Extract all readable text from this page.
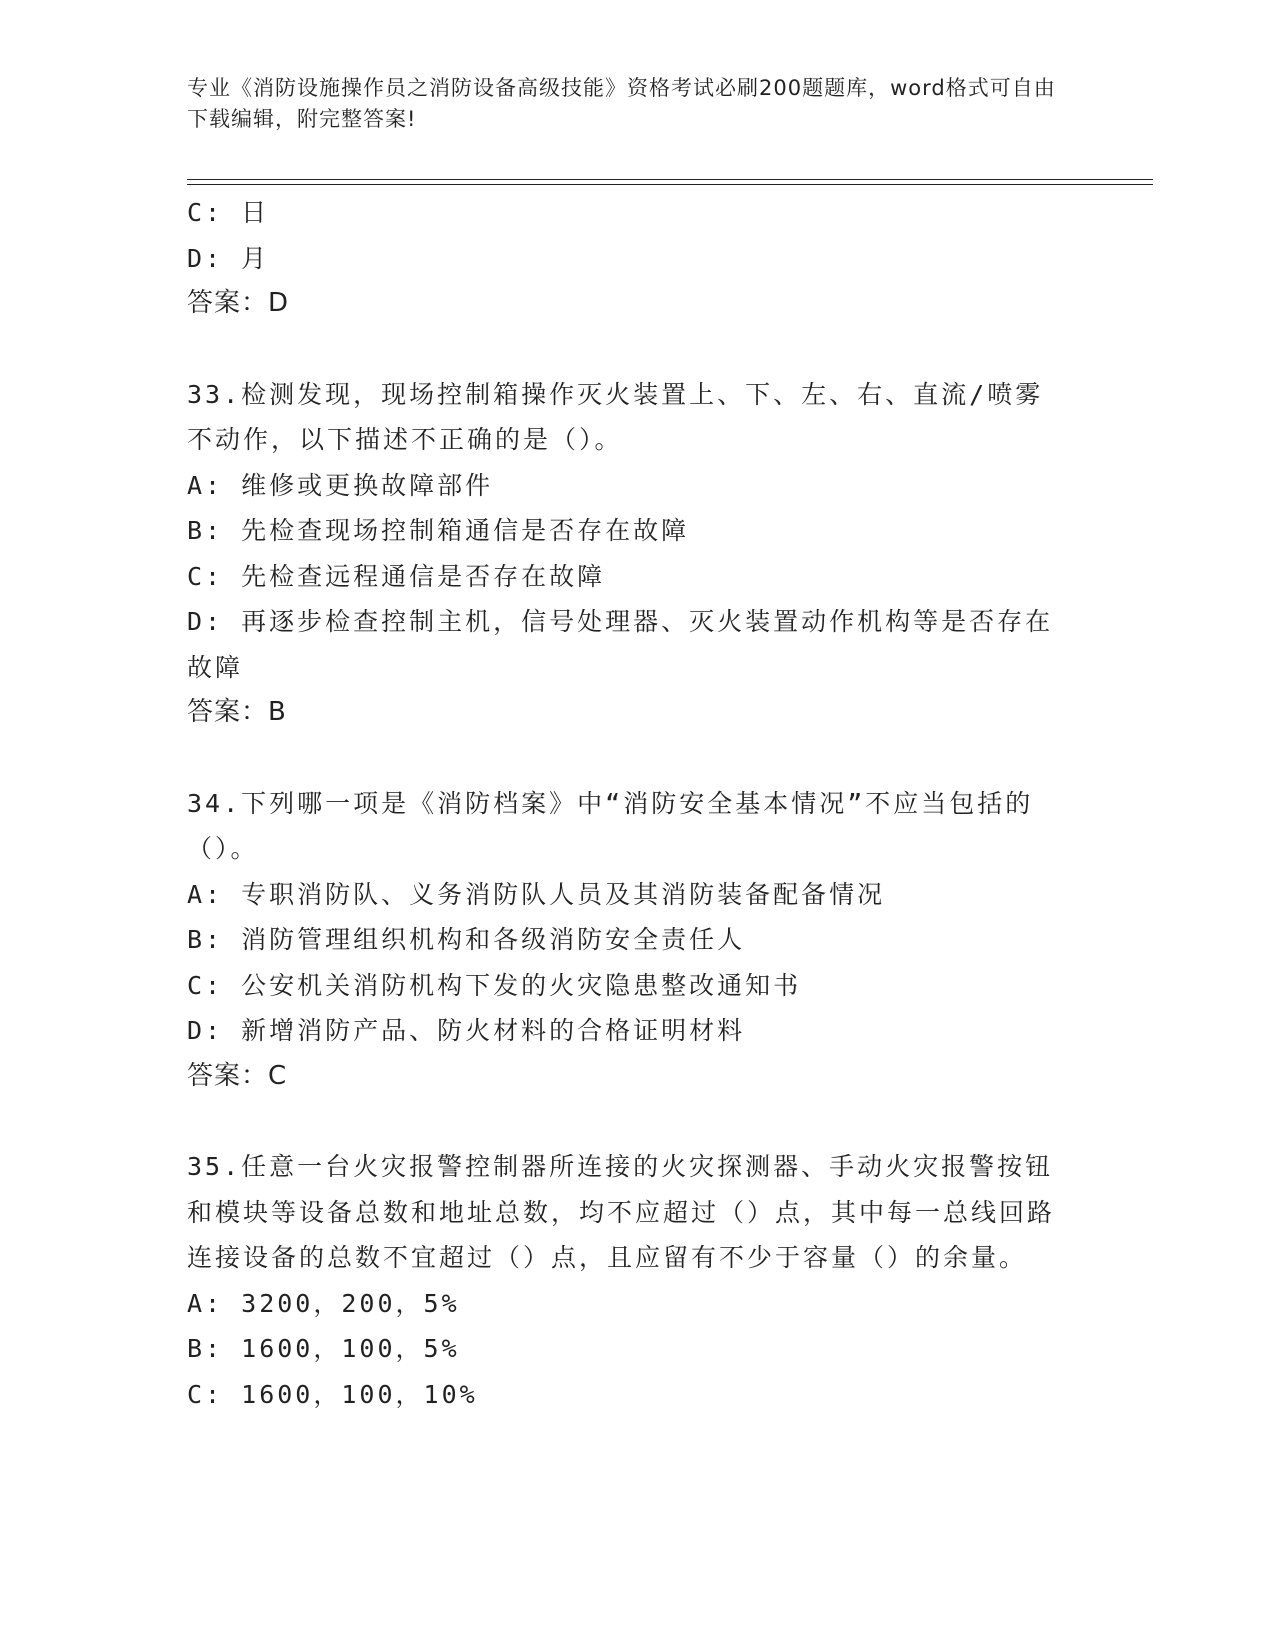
专业《消防设施操作员之消防设备高级技能》资格考试必刷200题题库，word格式可自由下载编辑，附完整答案!
C: 日
D: 月
答案：D
33.检测发现，现场控制箱操作灭火装置上、下、左、右、直流/喷雾不动作，以下描述不正确的是（）。
A: 维修或更换故障部件
B: 先检查现场控制箱通信是否存在故障
C: 先检查远程通信是否存在故障
D: 再逐步检查控制主机，信号处理器、灭火装置动作机构等是否存在故障
答案：B
34.下列哪一项是《消防档案》中“消防安全基本情况”不应当包括的（）。
A: 专职消防队、义务消防队人员及其消防装备配备情况
B: 消防管理组织机构和各级消防安全责任人
C: 公安机关消防机构下发的火灾隐患整改通知书
D: 新增消防产品、防火材料的合格证明材料
答案：C
35.任意一台火灾报警控制器所连接的火灾探测器、手动火灾报警按钮和模块等设备总数和地址总数，均不应超过（）点，其中每一总线回路连接设备的总数不宜超过（）点，且应留有不少于容量（）的余量。
A: 3200，200，5%
B: 1600，100，5%
C: 1600，100，10%
